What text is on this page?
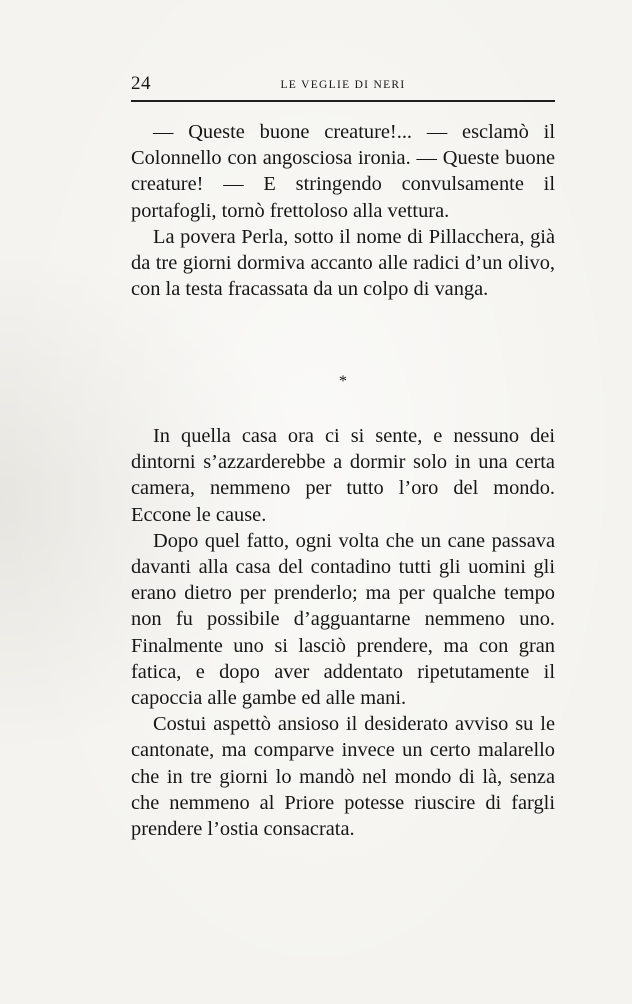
24	LE VEGLIE DI NERI

— Queste buone creature!... — esclamò il Colonnello con angosciosa ironia. — Queste buone creature! — E stringendo convulsamente il portafogli, tornò frettoloso alla vettura.

La povera Perla, sotto il nome di Pillacchera, già da tre giorni dormiva accanto alle radici d’un olivo, con la testa fracassata da un colpo di vanga.

*

In quella casa ora ci si sente, e nessuno dei dintorni s’azzarderebbe a dormir solo in una certa camera, nemmeno per tutto l’oro del mondo. Eccone le cause.

Dopo quel fatto, ogni volta che un cane passava davanti alla casa del contadino tutti gli uomini gli erano dietro per prenderlo; ma per qualche tempo non fu possibile d’agguantarne nemmeno uno. Finalmente uno si lasciò prendere, ma con gran fatica, e dopo aver addentato ripetutamente il capoccia alle gambe ed alle mani.

Costui aspettò ansioso il desiderato avviso su le cantonate, ma comparve invece un certo malarello che in tre giorni lo mandò nel mondo di là, senza che nemmeno al Priore potesse riuscire di fargli prendere l’ostia consacrata.
